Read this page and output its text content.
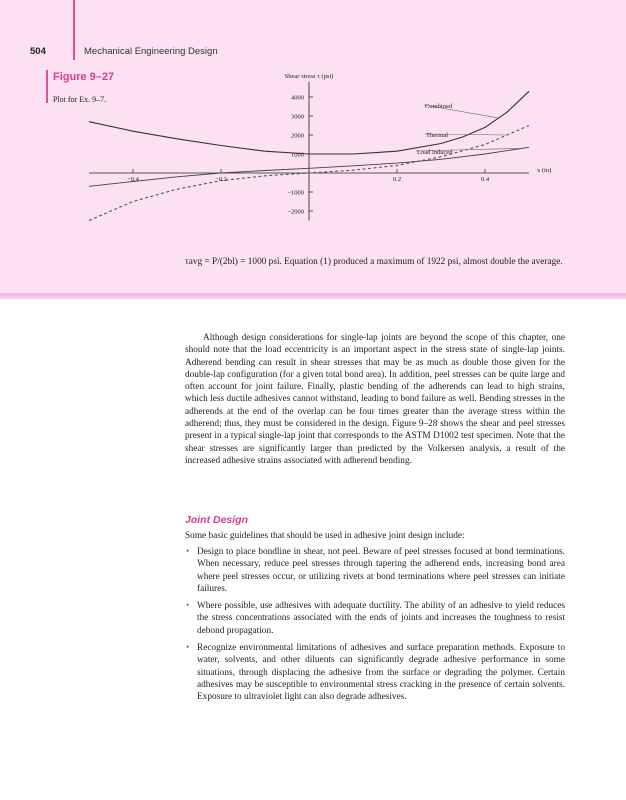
504	Mechanical Engineering Design
Figure 9–27
Plot for Ex. 9–7.	4000
3000
2000
1000
−1000
−2000
−0.4	−0.2	0.2	0.4
Shear stress τ (psi)
x (in)
Combined
Thermal
Load induced
τavg = P/(2bl) = 1000 psi. Equation (1) produced a maximum of 1922 psi, almost double the average.

Although design considerations for single-lap joints are beyond the scope of this chapter, one should note that the load eccentricity is an important aspect in the stress state of single-lap joints. Adherend bending can result in shear stresses that may be as much as double those given for the double-lap configuration (for a given total bond area). In addition, peel stresses can be quite large and often account for joint failure. Finally, plastic bending of the adherends can lead to high strains, which less ductile adhesives cannot withstand, leading to bond failure as well. Bending stresses in the adherends at the end of the overlap can be four times greater than the average stress within the adherend; thus, they must be considered in the design. Figure 9–28 shows the shear and peel stresses present in a typical single-lap joint that corresponds to the ASTM D1002 test specimen. Note that the shear stresses are significantly larger than predicted by the Volkersen analysis, a result of the increased adhesive strains associated with adherend bending.

Joint Design
Some basic guidelines that should be used in adhesive joint design include:
• Design to place bondline in shear, not peel. Beware of peel stresses focused at bond terminations. When necessary, reduce peel stresses through tapering the adherend ends, increasing bond area where peel stresses occur, or utilizing rivets at bond terminations where peel stresses can initiate failures.
• Where possible, use adhesives with adequate ductility. The ability of an adhesive to yield reduces the stress concentrations associated with the ends of joints and increases the toughness to resist debond propagation.
• Recognize environmental limitations of adhesives and surface preparation methods. Exposure to water, solvents, and other diluents can significantly degrade adhesive performance in some situations, through displacing the adhesive from the surface or degrading the polymer. Certain adhesives may be susceptible to environmental stress cracking in the presence of certain solvents. Exposure to ultraviolet light can also degrade adhesives.
